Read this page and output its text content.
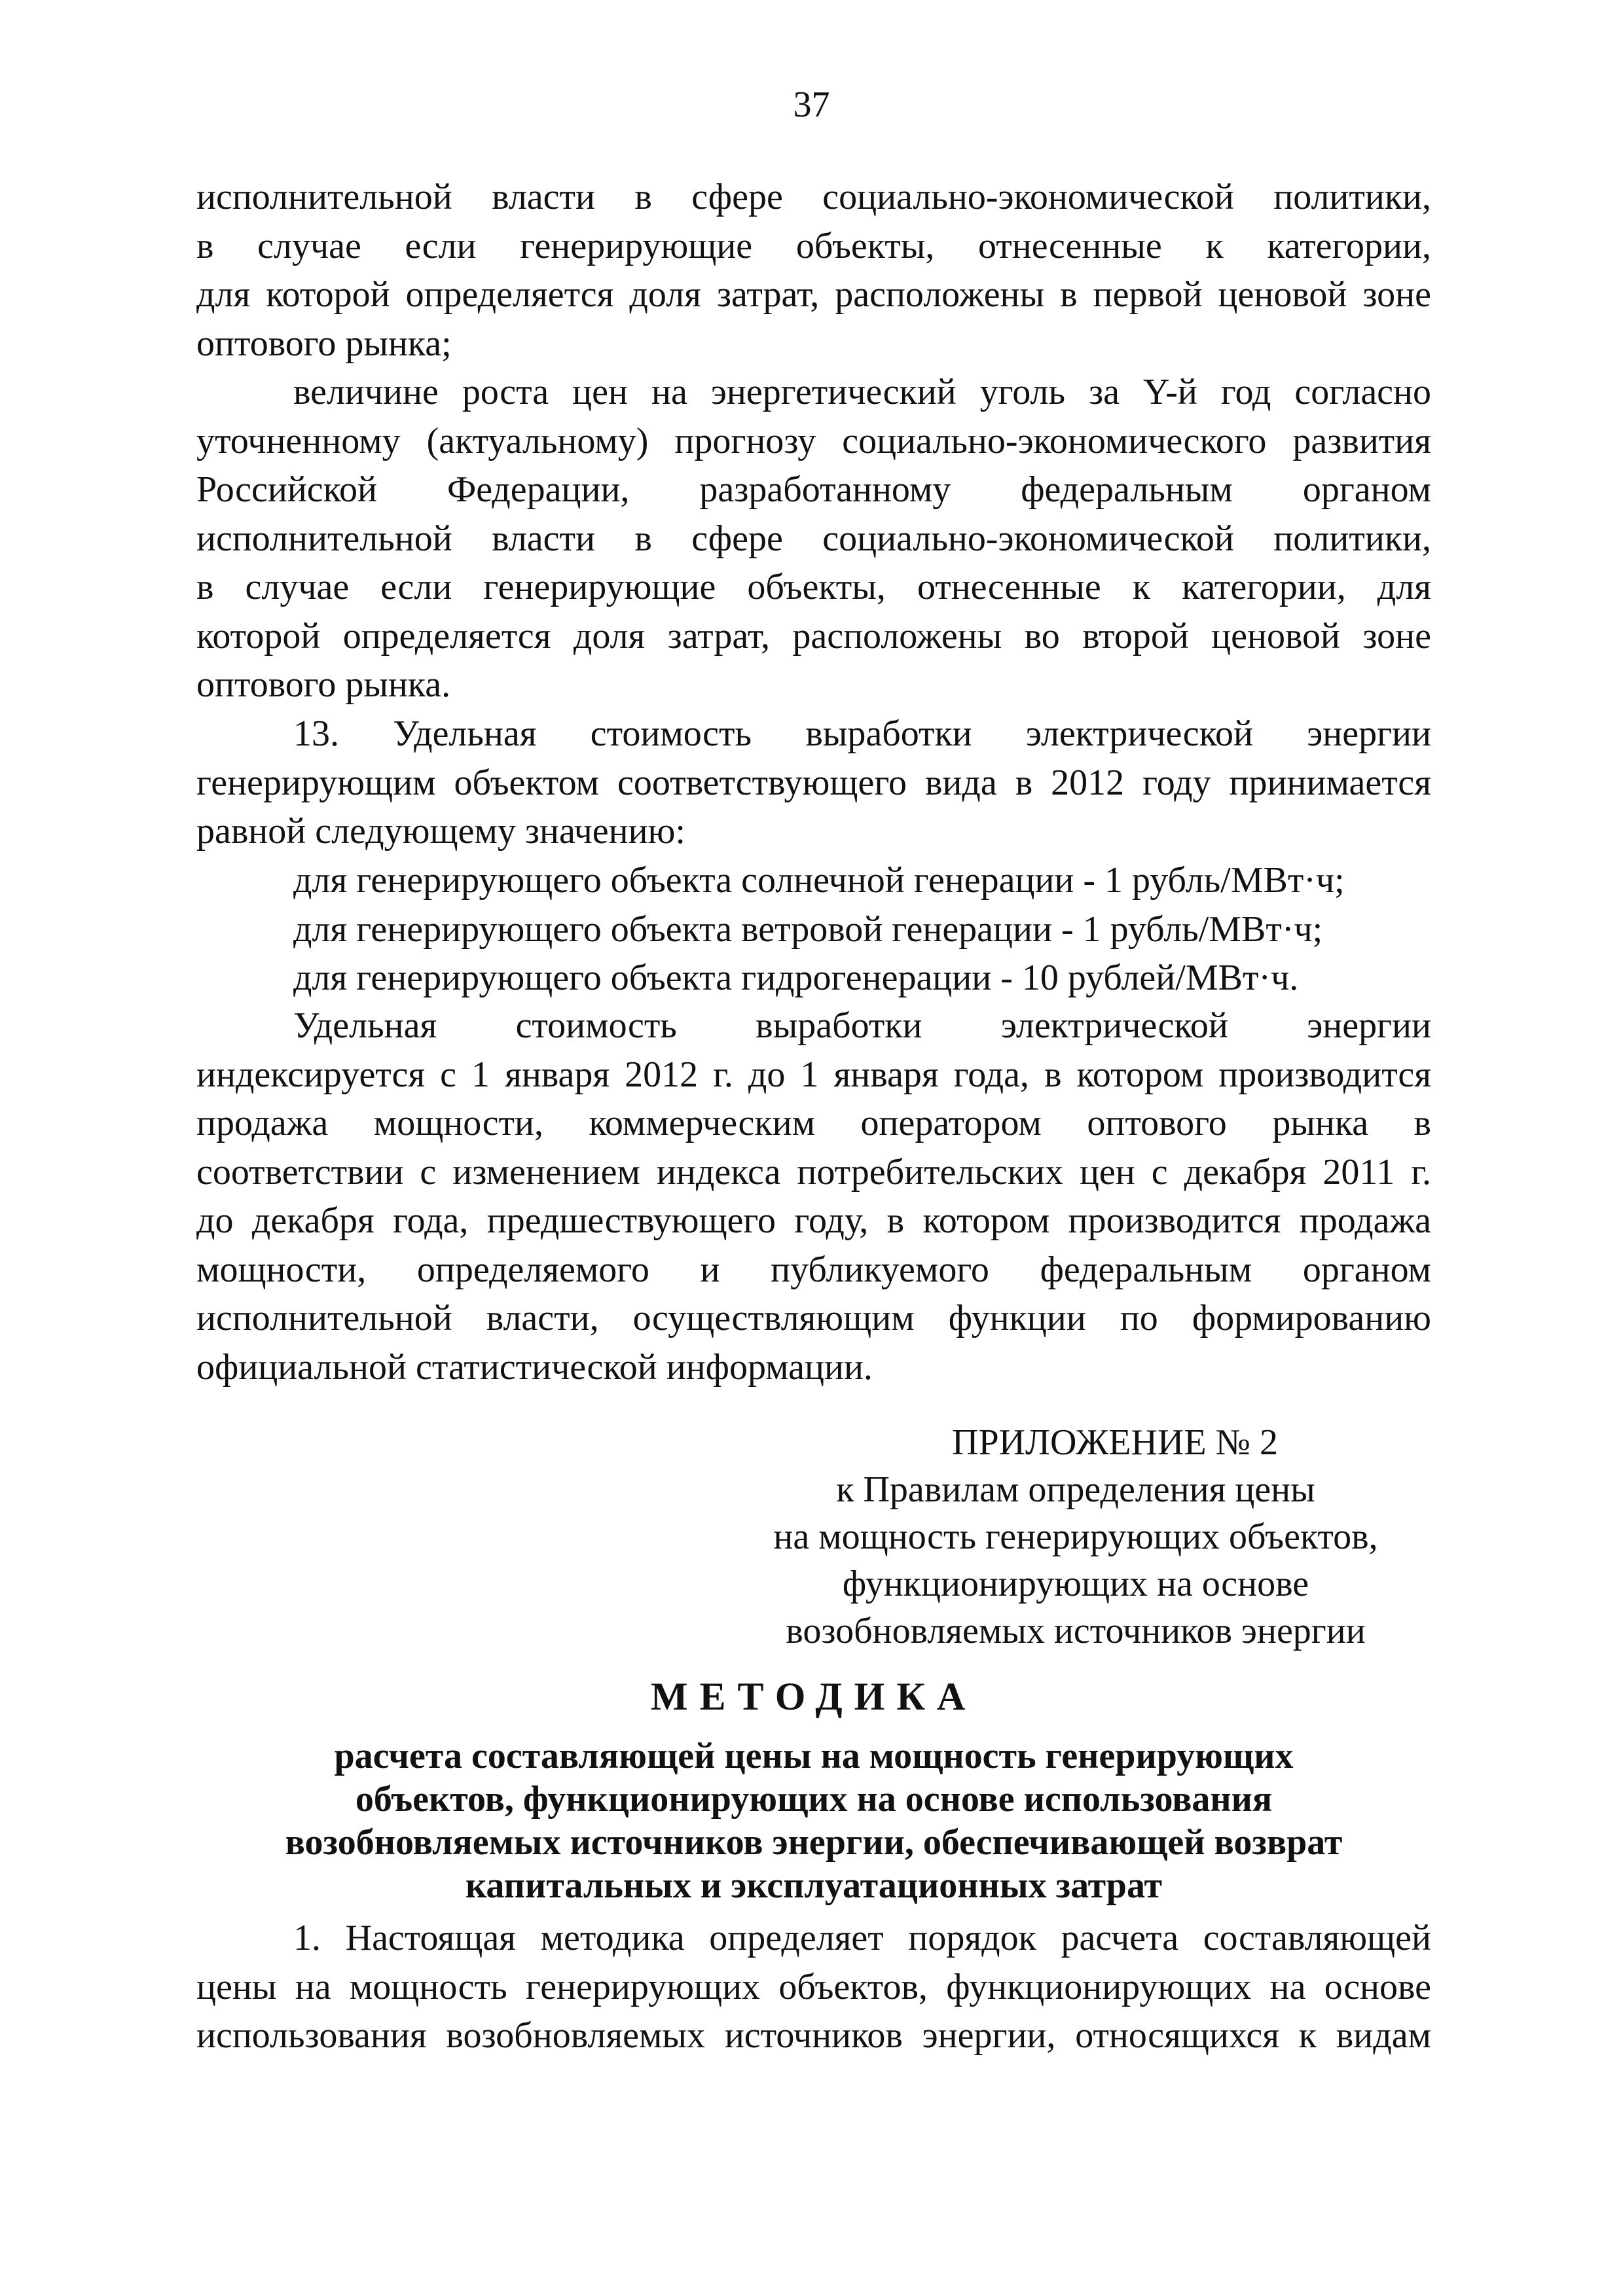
37

исполнительной власти в сфере социально-экономической политики,

в случае если генерирующие объекты, отнесенные к категории,

для которой определяется доля затрат, расположены в первой ценовой зоне

оптового рынка;

величине роста цен на энергетический уголь за Y-й год согласно

уточненному (актуальному) прогнозу социально-экономического развития

Российской Федерации, разработанному федеральным органом

исполнительной власти в сфере социально-экономической политики,

в случае если генерирующие объекты, отнесенные к категории, для

которой определяется доля затрат, расположены во второй ценовой зоне

оптового рынка.

13. Удельная стоимость выработки электрической энергии

генерирующим объектом соответствующего вида в 2012 году принимается

равной следующему значению:

для генерирующего объекта солнечной генерации - 1 рубль/МВт·ч;

для генерирующего объекта ветровой генерации - 1 рубль/МВт·ч;

для генерирующего объекта гидрогенерации - 10 рублей/МВт·ч.

Удельная стоимость выработки электрической энергии

индексируется с 1 января 2012 г. до 1 января года, в котором производится

продажа мощности, коммерческим оператором оптового рынка в

соответствии с изменением индекса потребительских цен с декабря 2011 г.

до декабря года, предшествующего году, в котором производится продажа

мощности, определяемого и публикуемого федеральным органом

исполнительной власти, осуществляющим функции по формированию

официальной статистической информации.

ПРИЛОЖЕНИЕ № 2

к Правилам определения цены

на мощность генерирующих объектов,

функционирующих на основе

возобновляемых источников энергии

МЕТОДИКА

расчета составляющей цены на мощность генерирующих

объектов, функционирующих на основе использования

возобновляемых источников энергии, обеспечивающей возврат

капитальных и эксплуатационных затрат

1. Настоящая методика определяет порядок расчета составляющей

цены на мощность генерирующих объектов, функционирующих на основе

использования возобновляемых источников энергии, относящихся к видам
